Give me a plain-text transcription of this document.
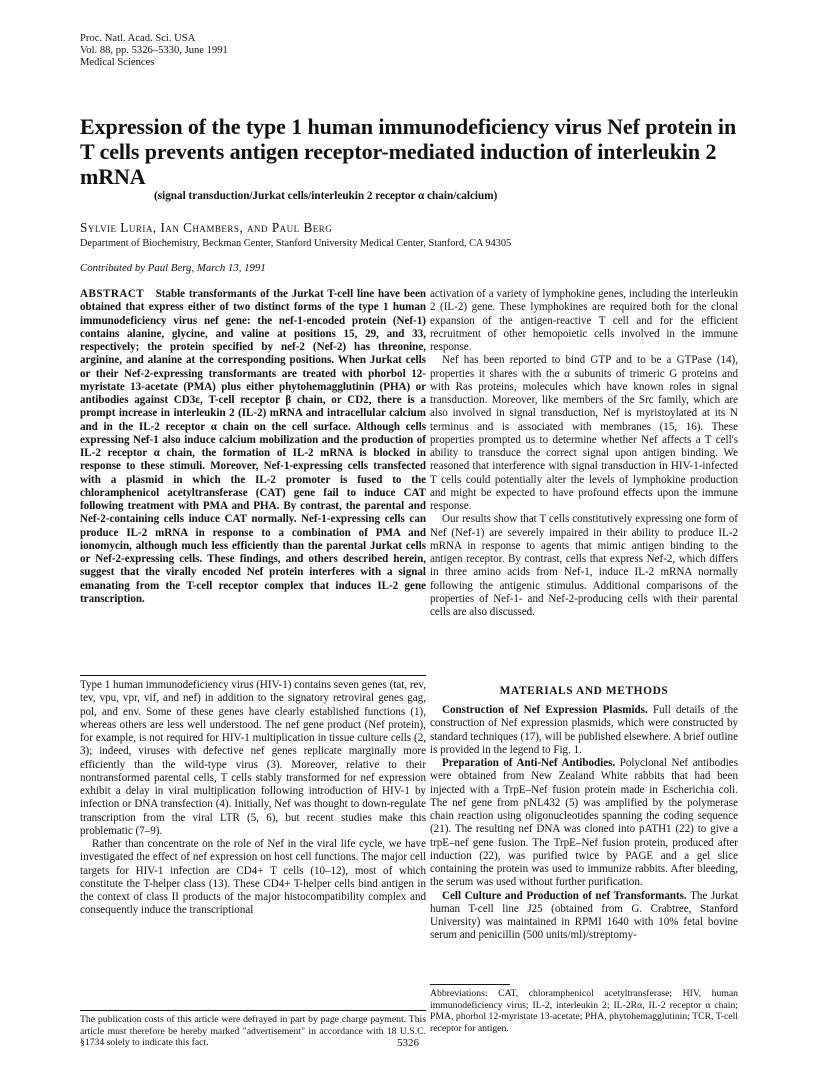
Proc. Natl. Acad. Sci. USA
Vol. 88, pp. 5326–5330, June 1991
Medical Sciences
Expression of the type 1 human immunodeficiency virus Nef protein in T cells prevents antigen receptor-mediated induction of interleukin 2 mRNA
(signal transduction/Jurkat cells/interleukin 2 receptor α chain/calcium)
Sylvie Luria, Ian Chambers, and Paul Berg
Department of Biochemistry, Beckman Center, Stanford University Medical Center, Stanford, CA 94305
Contributed by Paul Berg, March 13, 1991
ABSTRACT Stable transformants of the Jurkat T-cell line have been obtained that express either of two distinct forms of the type 1 human immunodeficiency virus nef gene: the nef-1-encoded protein (Nef-1) contains alanine, glycine, and valine at positions 15, 29, and 33, respectively; the protein specified by nef-2 (Nef-2) has threonine, arginine, and alanine at the corresponding positions. When Jurkat cells or their Nef-2-expressing transformants are treated with phorbol 12-myristate 13-acetate (PMA) plus either phytohemagglutinin (PHA) or antibodies against CD3ε, T-cell receptor β chain, or CD2, there is a prompt increase in interleukin 2 (IL-2) mRNA and intracellular calcium and in the IL-2 receptor α chain on the cell surface. Although cells expressing Nef-1 also induce calcium mobilization and the production of IL-2 receptor α chain, the formation of IL-2 mRNA is blocked in response to these stimuli. Moreover, Nef-1-expressing cells transfected with a plasmid in which the IL-2 promoter is fused to the chloramphenicol acetyltransferase (CAT) gene fail to induce CAT following treatment with PMA and PHA. By contrast, the parental and Nef-2-containing cells induce CAT normally. Nef-1-expressing cells can produce IL-2 mRNA in response to a combination of PMA and ionomycin, although much less efficiently than the parental Jurkat cells or Nef-2-expressing cells. These findings, and others described herein, suggest that the virally encoded Nef protein interferes with a signal emanating from the T-cell receptor complex that induces IL-2 gene transcription.

Type 1 human immunodeficiency virus (HIV-1) contains seven genes (tat, rev, tev, vpu, vpr, vif, and nef) in addition to the signatory retroviral genes gag, pol, and env. Some of these genes have clearly established functions (1), whereas others are less well understood. The nef gene product (Nef protein), for example, is not required for HIV-1 multiplication in tissue culture cells (2, 3); indeed, viruses with defective nef genes replicate marginally more efficiently than the wild-type virus (3). Moreover, relative to their nontransformed parental cells, T cells stably transformed for nef expression exhibit a delay in viral multiplication following introduction of HIV-1 by infection or DNA transfection (4). Initially, Nef was thought to down-regulate transcription from the viral LTR (5, 6), but recent studies make this problematic (7–9).

Rather than concentrate on the role of Nef in the viral life cycle, we have investigated the effect of nef expression on host cell functions. The major cell targets for HIV-1 infection are CD4+ T cells (10–12), most of which constitute the T-helper class (13). These CD4+ T-helper cells bind antigen in the context of class II products of the major histocompatibility complex and consequently induce the transcriptional

activation of a variety of lymphokine genes, including the interleukin 2 (IL-2) gene. These lymphokines are required both for the clonal expansion of the antigen-reactive T cell and for the efficient recruitment of other hemopoietic cells involved in the immune response.

Nef has been reported to bind GTP and to be a GTPase (14), properties it shares with the α subunits of trimeric G proteins and with Ras proteins, molecules which have known roles in signal transduction. Moreover, like members of the Src family, which are also involved in signal transduction, Nef is myristoylated at its N terminus and is associated with membranes (15, 16). These properties prompted us to determine whether Nef affects a T cell's ability to transduce the correct signal upon antigen binding. We reasoned that interference with signal transduction in HIV-1-infected T cells could potentially alter the levels of lymphokine production and might be expected to have profound effects upon the immune response.

Our results show that T cells constitutively expressing one form of Nef (Nef-1) are severely impaired in their ability to produce IL-2 mRNA in response to agents that mimic antigen binding to the antigen receptor. By contrast, cells that express Nef-2, which differs in three amino acids from Nef-1, induce IL-2 mRNA normally following the antigenic stimulus. Additional comparisons of the properties of Nef-1- and Nef-2-producing cells with their parental cells are also discussed.

MATERIALS AND METHODS

Construction of Nef Expression Plasmids. Full details of the construction of Nef expression plasmids, which were constructed by standard techniques (17), will be published elsewhere. A brief outline is provided in the legend to Fig. 1.

Preparation of Anti-Nef Antibodies. Polyclonal Nef antibodies were obtained from New Zealand White rabbits that had been injected with a TrpE–Nef fusion protein made in Escherichia coli. The nef gene from pNL432 (5) was amplified by the polymerase chain reaction using oligonucleotides spanning the coding sequence (21). The resulting nef DNA was cloned into pATH1 (22) to give a trpE–nef gene fusion. The TrpE–Nef fusion protein, produced after induction (22), was purified twice by PAGE and a gel slice containing the protein was used to immunize rabbits. After bleeding, the serum was used without further purification.

Cell Culture and Production of nef Transformants. The Jurkat human T-cell line J25 (obtained from G. Crabtree, Stanford University) was maintained in RPMI 1640 with 10% fetal bovine serum and penicillin (500 units/ml)/streptomy-

Abbreviations: CAT, chloramphenicol acetyltransferase; HIV, human immunodeficiency virus; IL-2, interleukin 2; IL-2Rα, IL-2 receptor α chain; PMA, phorbol 12-myristate 13-acetate; PHA, phytohemagglutinin; TCR, T-cell receptor for antigen.
The publication costs of this article were defrayed in part by page charge payment. This article must therefore be hereby marked "advertisement" in accordance with 18 U.S.C. §1734 solely to indicate this fact.	5326
